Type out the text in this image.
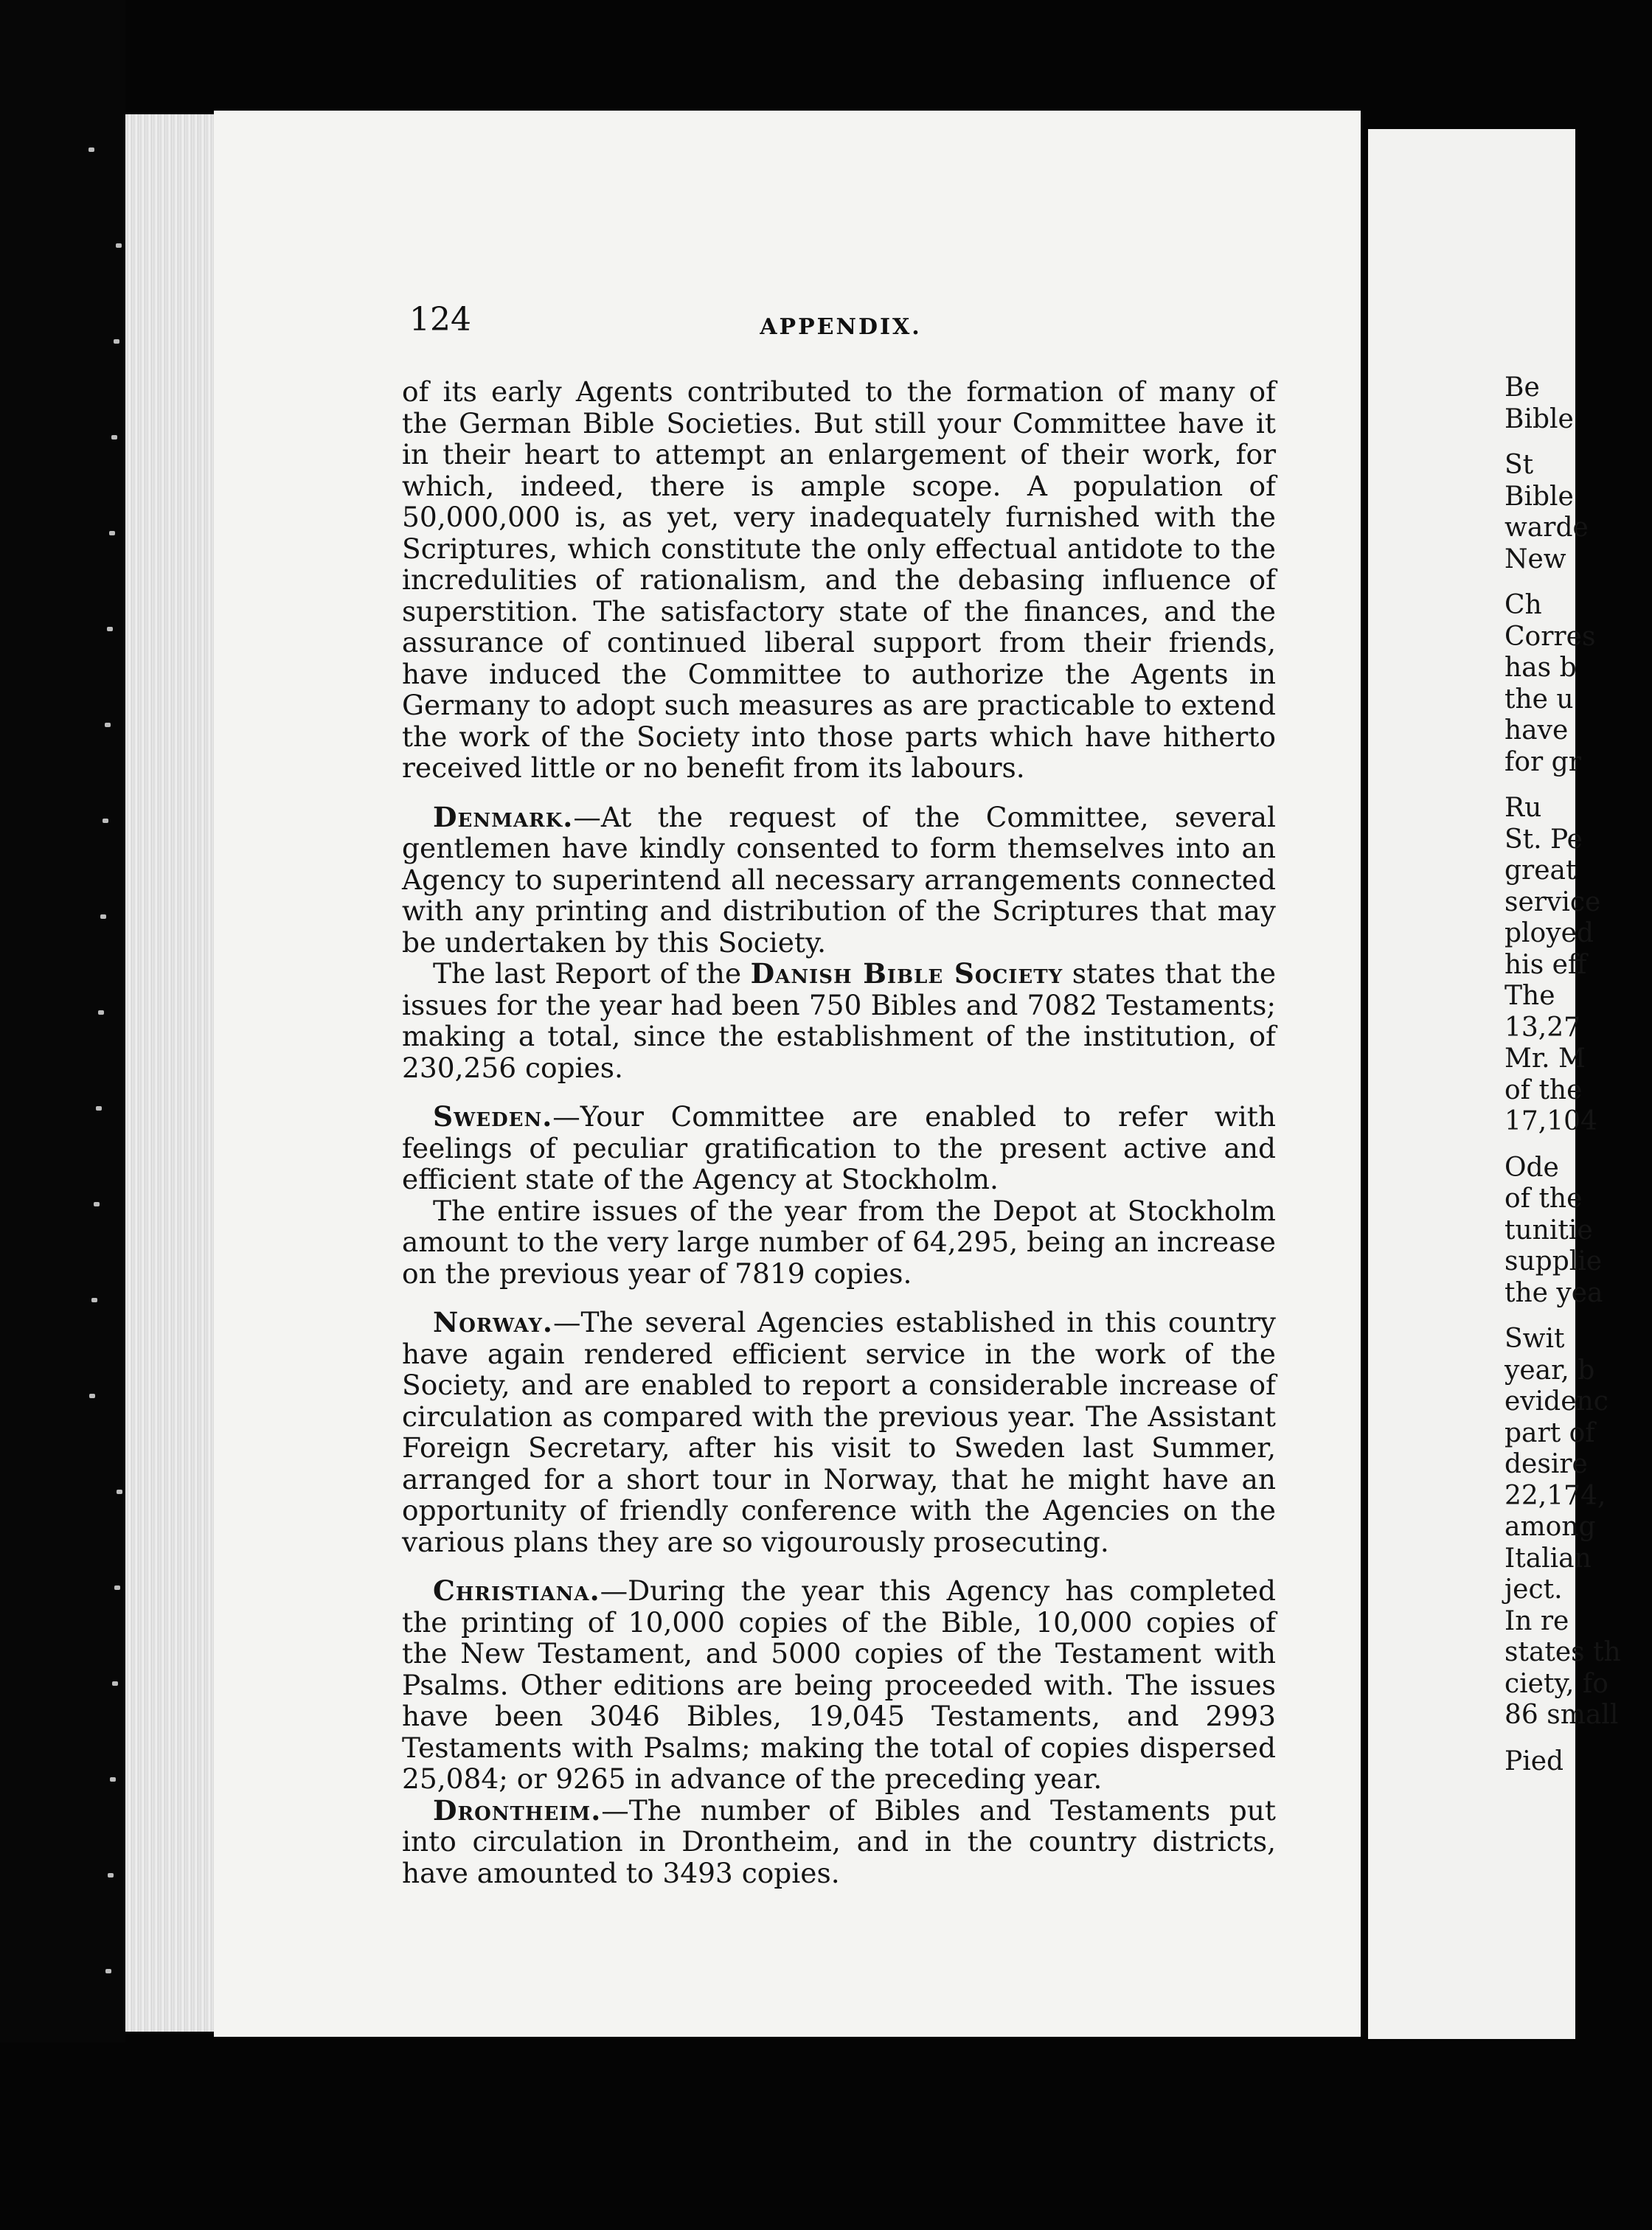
124	APPENDIX.

of its early Agents contributed to the formation of many of the German Bible Societies. But still your Committee have it in their heart to attempt an enlargement of their work, for which, indeed, there is ample scope. A population of 50,000,000 is, as yet, very inadequately furnished with the Scriptures, which constitute the only effectual antidote to the incredulities of rationalism, and the debasing influence of superstition. The satisfactory state of the finances, and the assurance of continued liberal support from their friends, have induced the Committee to authorize the Agents in Germany to adopt such measures as are practicable to extend the work of the Society into those parts which have hitherto received little or no benefit from its labours.

Denmark.—At the request of the Committee, several gentlemen have kindly consented to form themselves into an Agency to superintend all necessary arrangements connected with any printing and distribution of the Scriptures that may be undertaken by this Society.

The last Report of the Danish Bible Society states that the issues for the year had been 750 Bibles and 7082 Testaments; making a total, since the establishment of the institution, of 230,256 copies.

Sweden.—Your Committee are enabled to refer with feelings of peculiar gratification to the present active and efficient state of the Agency at Stockholm.

The entire issues of the year from the Depot at Stockholm amount to the very large number of 64,295, being an increase on the previous year of 7819 copies.

Norway.—The several Agencies established in this country have again rendered efficient service in the work of the Society, and are enabled to report a considerable increase of circulation as compared with the previous year. The Assistant Foreign Secretary, after his visit to Sweden last Summer, arranged for a short tour in Norway, that he might have an opportunity of friendly conference with the Agencies on the various plans they are so vigourously prosecuting.

Christiana.—During the year this Agency has completed the printing of 10,000 copies of the Bible, 10,000 copies of the New Testament, and 5000 copies of the Testament with Psalms. Other editions are being proceeded with. The issues have been 3046 Bibles, 19,045 Testaments, and 2993 Testaments with Psalms; making the total of copies dispersed 25,084; or 9265 in advance of the preceding year.

Drontheim.—The number of Bibles and Testaments put into circulation in Drontheim, and in the country districts, have amounted to 3493 copies.

Be
Bible
St
Bible
warde
New
Ch
Corres
has b
the u
have
for gr
Ru
St. Pe
great
service
ployed
his eff
The
13,27
Mr. M
of the
17,104
Ode
of the
tunitie
supplie
the yea
Swit
year, b
evidenc
part of
desire
22,174,
among
Italian
ject.
In re
states th
ciety, fo
86 small
Pied
